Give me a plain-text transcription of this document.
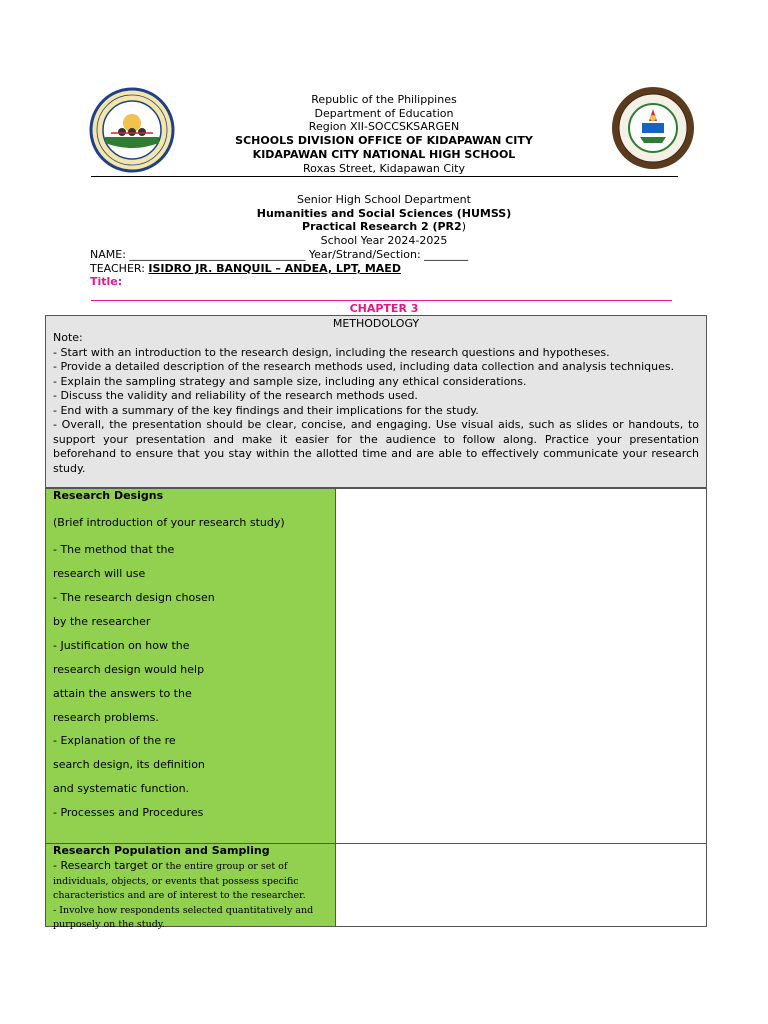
Republic of the Philippines
Department of Education
Region XII-SOCCSKSARGEN
SCHOOLS DIVISION OFFICE OF KIDAPAWAN CITY
KIDAPAWAN CITY NATIONAL HIGH SCHOOL
Roxas Street, Kidapawan City
Senior High School Department
Humanities and Social Sciences (HUMSS)
Practical Research 2 (PR2)
School Year 2024-2025
NAME: ________________________________ Year/Strand/Section: ________
TEACHER: ISIDRO JR. BANQUIL – ANDEA, LPT, MAED
Title:
CHAPTER 3
METHODOLOGY
Note:
- Start with an introduction to the research design, including the research questions and hypotheses.
- Provide a detailed description of the research methods used, including data collection and analysis techniques.
- Explain the sampling strategy and sample size, including any ethical considerations.
- Discuss the validity and reliability of the research methods used.
- End with a summary of the key findings and their implications for the study.
- Overall, the presentation should be clear, concise, and engaging. Use visual aids, such as slides or handouts, to support your presentation and make it easier for the audience to follow along. Practice your presentation beforehand to ensure that you stay within the allotted time and are able to effectively communicate your research study.
Research Designs
(Brief introduction of your research study)
- The method that the
research will use
- The research design chosen
by the researcher
- Justification on how the
research design would help
attain the answers to the
research problems.
- Explanation of the re
search design, its definition
and systematic function.
- Processes and Procedures
Research Population and Sampling
- Research target or the entire group or set of individuals, objects, or events that possess specific characteristics and are of interest to the researcher.
- Involve how respondents selected quantitatively and purposely on the study.
